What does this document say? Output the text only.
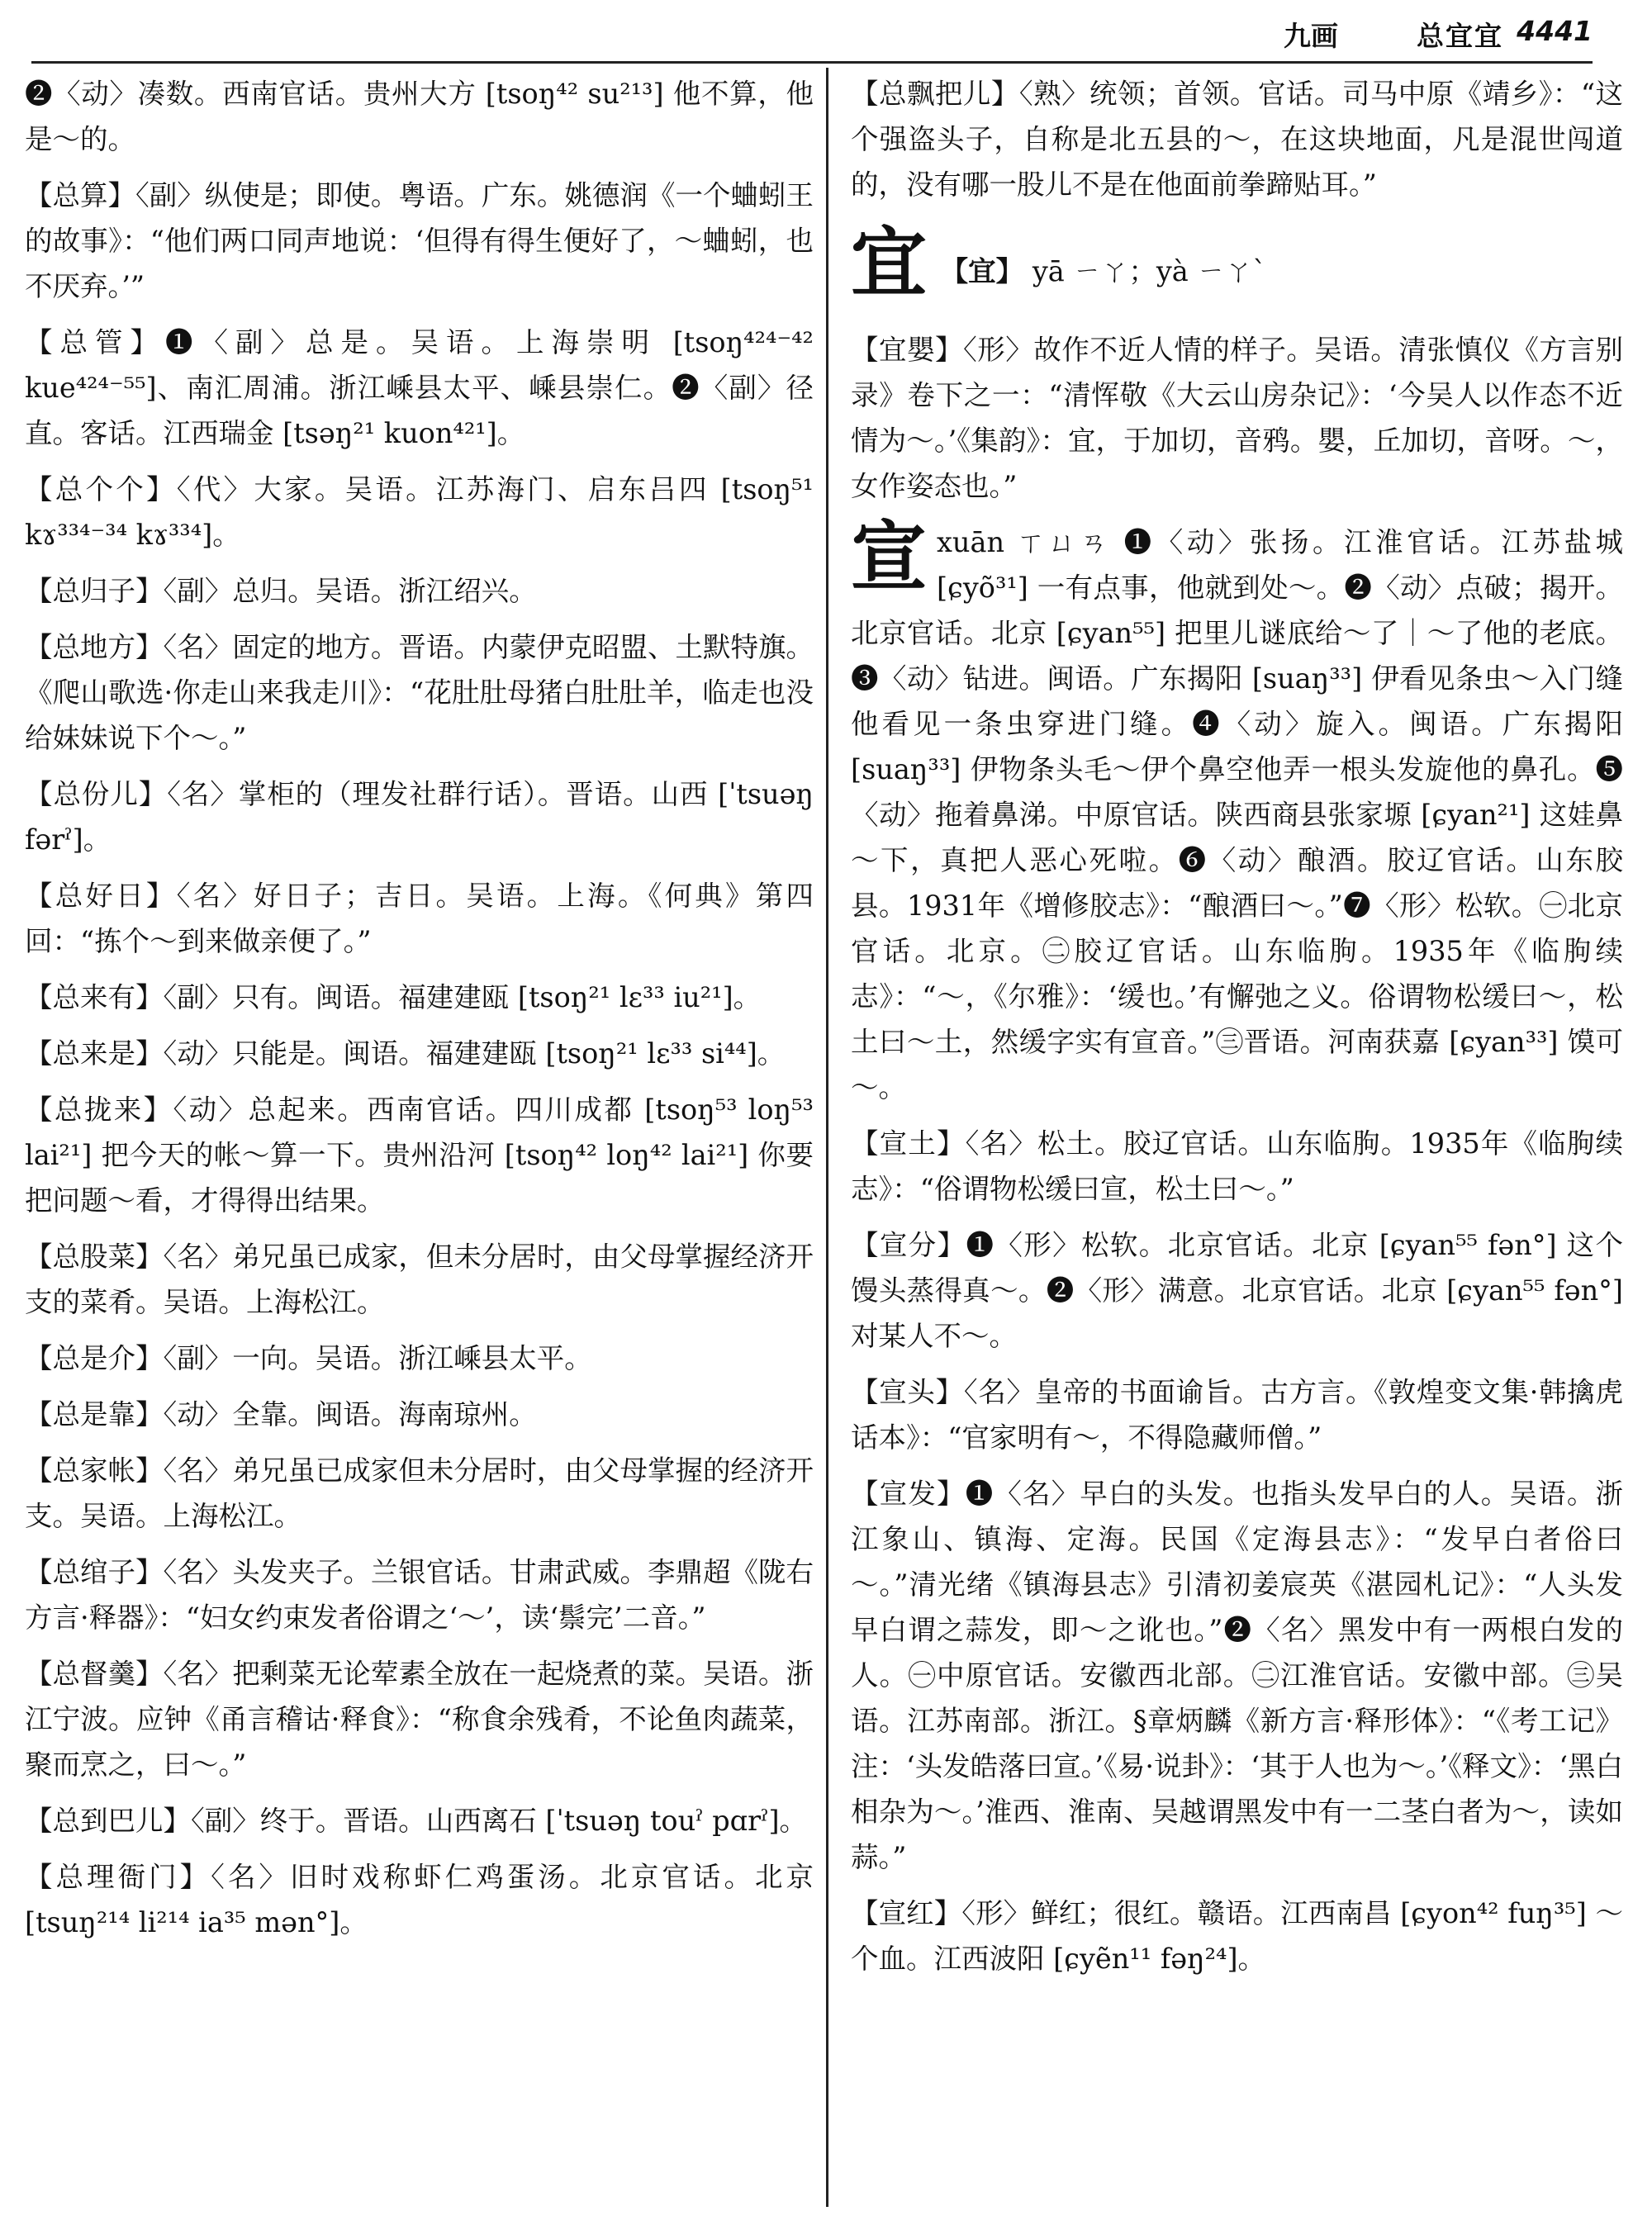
九画	总宜宜 4441

❷〈动〉凑数。西南官话。贵州大方 [tsoŋ⁴² su²¹³] 他不算，他是～的。

【总算】〈副〉纵使是；即使。粤语。广东。姚德润《一个蛐蚓王的故事》：“他们两口同声地说：‘但得有得生便好了，～蛐蚓，也不厌弃。’”

【总管】❶〈副〉总是。吴语。上海崇明 [tsoŋ⁴²⁴⁻⁴² kue⁴²⁴⁻⁵⁵]、南汇周浦。浙江嵊县太平、嵊县崇仁。❷〈副〉径直。客话。江西瑞金 [tsəŋ²¹ kuon⁴²¹]。

【总个个】〈代〉大家。吴语。江苏海门、启东吕四 [tsoŋ⁵¹ kɤ³³⁴⁻³⁴ kɤ³³⁴]。

【总归子】〈副〉总归。吴语。浙江绍兴。

【总地方】〈名〉固定的地方。晋语。内蒙伊克昭盟、土默特旗。《爬山歌选·你走山来我走川》：“花肚肚母猪白肚肚羊，临走也没给妹妹说下个～。”

【总份儿】〈名〉掌柜的（理发社群行话）。晋语。山西 [ˈtsuəŋ fərˀ]。

【总好日】〈名〉好日子；吉日。吴语。上海。《何典》第四回：“拣个～到来做亲便了。”

【总来有】〈副〉只有。闽语。福建建瓯 [tsoŋ²¹ lɛ³³ iu²¹]。

【总来是】〈动〉只能是。闽语。福建建瓯 [tsoŋ²¹ lɛ³³ si⁴⁴]。

【总拢来】〈动〉总起来。西南官话。四川成都 [tsoŋ⁵³ loŋ⁵³ lai²¹] 把今天的帐～算一下。贵州沿河 [tsoŋ⁴² loŋ⁴² lai²¹] 你要把问题～看，才得得出结果。

【总股菜】〈名〉弟兄虽已成家，但未分居时，由父母掌握经济开支的菜肴。吴语。上海松江。

【总是介】〈副〉一向。吴语。浙江嵊县太平。

【总是靠】〈动〉全靠。闽语。海南琼州。

【总家帐】〈名〉弟兄虽已成家但未分居时，由父母掌握的经济开支。吴语。上海松江。

【总绾子】〈名〉头发夹子。兰银官话。甘肃武威。李鼎超《陇右方言·释器》：“妇女约束发者俗谓之‘～’，读‘鬃完’二音。”

【总督羹】〈名〉把剩菜无论荤素全放在一起烧煮的菜。吴语。浙江宁波。应钟《甬言稽诂·释食》：“称食余残肴，不论鱼肉蔬菜，聚而烹之，曰～。”

【总到巴儿】〈副〉终于。晋语。山西离石 [ˈtsuəŋ touˀ pɑrˀ]。

【总理衙门】〈名〉旧时戏称虾仁鸡蛋汤。北京官话。北京 [tsuŋ²¹⁴ li²¹⁴ ia³⁵ mən°]。

【总飘把儿】〈熟〉统领；首领。官话。司马中原《靖乡》：“这个强盗头子，自称是北五县的～，在这块地面，凡是混世闯道的，没有哪一股儿不是在他面前拳蹄贴耳。”

宜 【宜】 yā ㄧㄚ；yà ㄧㄚˋ

【宜嬰】〈形〉故作不近人情的样子。吴语。清张慎仪《方言别录》卷下之一：“清恽敬《大云山房杂记》：‘今吴人以作态不近情为～。’《集韵》：宜，于加切，音鸦。嬰，丘加切，音呀。～，女作姿态也。”

宣 xuān ㄒㄩㄢ ❶〈动〉张扬。江淮官话。江苏盐城 [ɕyõ³¹] 一有点事，他就到处～。❷〈动〉点破；揭开。北京官话。北京 [ɕyan⁵⁵] 把里儿谜底给～了｜～了他的老底。❸〈动〉钻进。闽语。广东揭阳 [suaŋ³³] 伊看见条虫～入门缝他看见一条虫穿进门缝。❹〈动〉旋入。闽语。广东揭阳 [suaŋ³³] 伊物条头毛～伊个鼻空他弄一根头发旋他的鼻孔。❺〈动〉拖着鼻涕。中原官话。陕西商县张家塬 [ɕyan²¹] 这娃鼻～下，真把人恶心死啦。❻〈动〉酿酒。胶辽官话。山东胶县。1931年《增修胶志》：“酿酒曰～。”❼〈形〉松软。㊀北京官话。北京。㊁胶辽官话。山东临朐。1935年《临朐续志》：“～，《尔雅》：‘缓也。’有懈弛之义。俗谓物松缓曰～，松土曰～土，然缓字实有宣音。”㊂晋语。河南获嘉 [ɕyan³³] 馍可～。

【宣土】〈名〉松土。胶辽官话。山东临朐。1935年《临朐续志》：“俗谓物松缓曰宣，松土曰～。”

【宣分】❶〈形〉松软。北京官话。北京 [ɕyan⁵⁵ fən°] 这个馒头蒸得真～。❷〈形〉满意。北京官话。北京 [ɕyan⁵⁵ fən°] 对某人不～。

【宣头】〈名〉皇帝的书面谕旨。古方言。《敦煌变文集·韩擒虎话本》：“官家明有～，不得隐藏师僧。”

【宣发】❶〈名〉早白的头发。也指头发早白的人。吴语。浙江象山、镇海、定海。民国《定海县志》：“发早白者俗曰～。”清光绪《镇海县志》引清初姜宸英《湛园札记》：“人头发早白谓之蒜发，即～之讹也。”❷〈名〉黑发中有一两根白发的人。㊀中原官话。安徽西北部。㊁江淮官话。安徽中部。㊂吴语。江苏南部。浙江。§章炳麟《新方言·释形体》：“《考工记》注：‘头发皓落曰宣。’《易·说卦》：‘其于人也为～。’《释文》：‘黑白相杂为～。’淮西、淮南、吴越谓黑发中有一二茎白者为～，读如蒜。”

【宣红】〈形〉鲜红；很红。赣语。江西南昌 [ɕyon⁴² fuŋ³⁵] ～个血。江西波阳 [ɕyẽn¹¹ fəŋ²⁴]。
